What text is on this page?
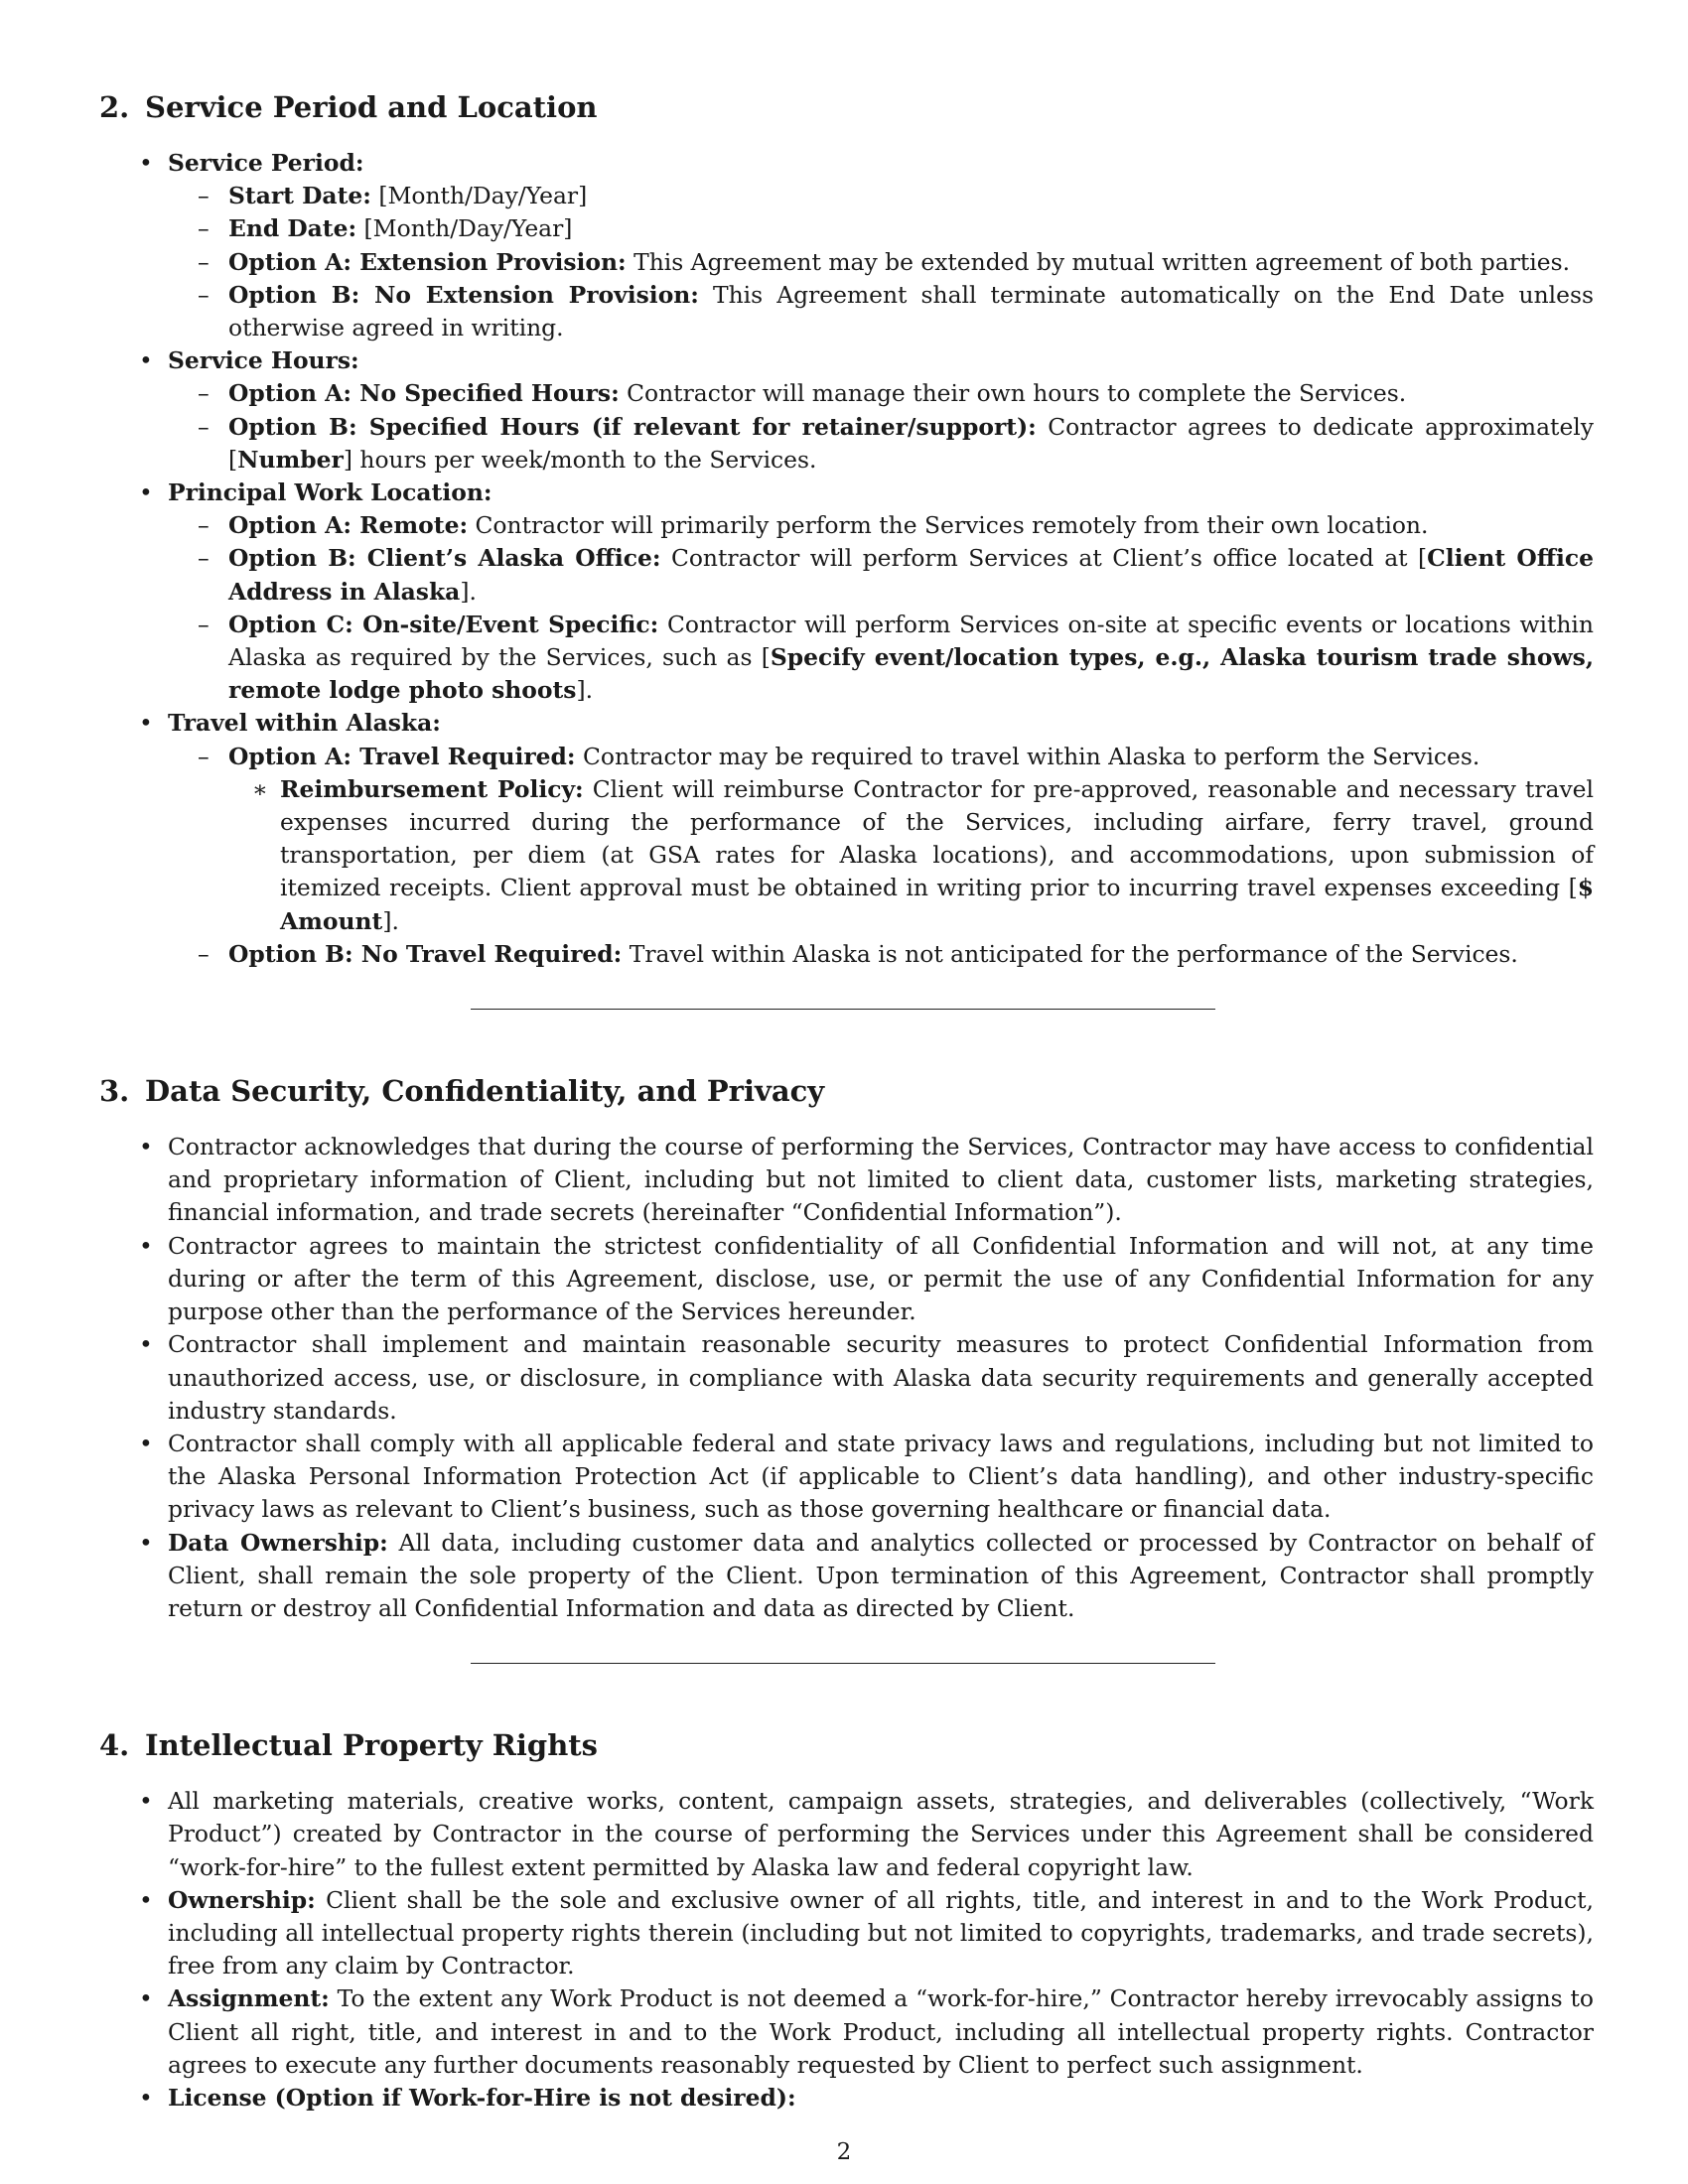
2. Service Period and Location
• Service Period:
– Start Date: [Month/Day/Year]
– End Date: [Month/Day/Year]
– Option A: Extension Provision: This Agreement may be extended by mutual written agreement of both parties.
– Option B: No Extension Provision: This Agreement shall terminate automatically on the End Date unless otherwise agreed in writing.
• Service Hours:
– Option A: No Specified Hours: Contractor will manage their own hours to complete the Services.
– Option B: Specified Hours (if relevant for retainer/support): Contractor agrees to dedicate approximately [Number] hours per week/month to the Services.
• Principal Work Location:
– Option A: Remote: Contractor will primarily perform the Services remotely from their own location.
– Option B: Client’s Alaska Office: Contractor will perform Services at Client’s office located at [Client Office Address in Alaska].
– Option C: On-site/Event Specific: Contractor will perform Services on-site at specific events or locations within Alaska as required by the Services, such as [Specify event/location types, e.g., Alaska tourism trade shows, remote lodge photo shoots].
• Travel within Alaska:
– Option A: Travel Required: Contractor may be required to travel within Alaska to perform the Services.
∗ Reimbursement Policy: Client will reimburse Contractor for pre-approved, reasonable and necessary travel expenses incurred during the performance of the Services, including airfare, ferry travel, ground transportation, per diem (at GSA rates for Alaska locations), and accommodations, upon submission of itemized receipts. Client approval must be obtained in writing prior to incurring travel expenses exceeding [$ Amount].
– Option B: No Travel Required: Travel within Alaska is not anticipated for the performance of the Services.
3. Data Security, Confidentiality, and Privacy
• Contractor acknowledges that during the course of performing the Services, Contractor may have access to confidential and proprietary information of Client, including but not limited to client data, customer lists, marketing strategies, financial information, and trade secrets (hereinafter “Confidential Information”).
• Contractor agrees to maintain the strictest confidentiality of all Confidential Information and will not, at any time during or after the term of this Agreement, disclose, use, or permit the use of any Confidential Information for any purpose other than the performance of the Services hereunder.
• Contractor shall implement and maintain reasonable security measures to protect Confidential Information from unauthorized access, use, or disclosure, in compliance with Alaska data security requirements and generally accepted industry standards.
• Contractor shall comply with all applicable federal and state privacy laws and regulations, including but not limited to the Alaska Personal Information Protection Act (if applicable to Client’s data handling), and other industry-specific privacy laws as relevant to Client’s business, such as those governing healthcare or financial data.
• Data Ownership: All data, including customer data and analytics collected or processed by Contractor on behalf of Client, shall remain the sole property of the Client. Upon termination of this Agreement, Contractor shall promptly return or destroy all Confidential Information and data as directed by Client.
4. Intellectual Property Rights
• All marketing materials, creative works, content, campaign assets, strategies, and deliverables (collectively, “Work Product”) created by Contractor in the course of performing the Services under this Agreement shall be considered “work-for-hire” to the fullest extent permitted by Alaska law and federal copyright law.
• Ownership: Client shall be the sole and exclusive owner of all rights, title, and interest in and to the Work Product, including all intellectual property rights therein (including but not limited to copyrights, trademarks, and trade secrets), free from any claim by Contractor.
• Assignment: To the extent any Work Product is not deemed a “work-for-hire,” Contractor hereby irrevocably assigns to Client all right, title, and interest in and to the Work Product, including all intellectual property rights. Contractor agrees to execute any further documents reasonably requested by Client to perfect such assignment.
• License (Option if Work-for-Hire is not desired):
2
